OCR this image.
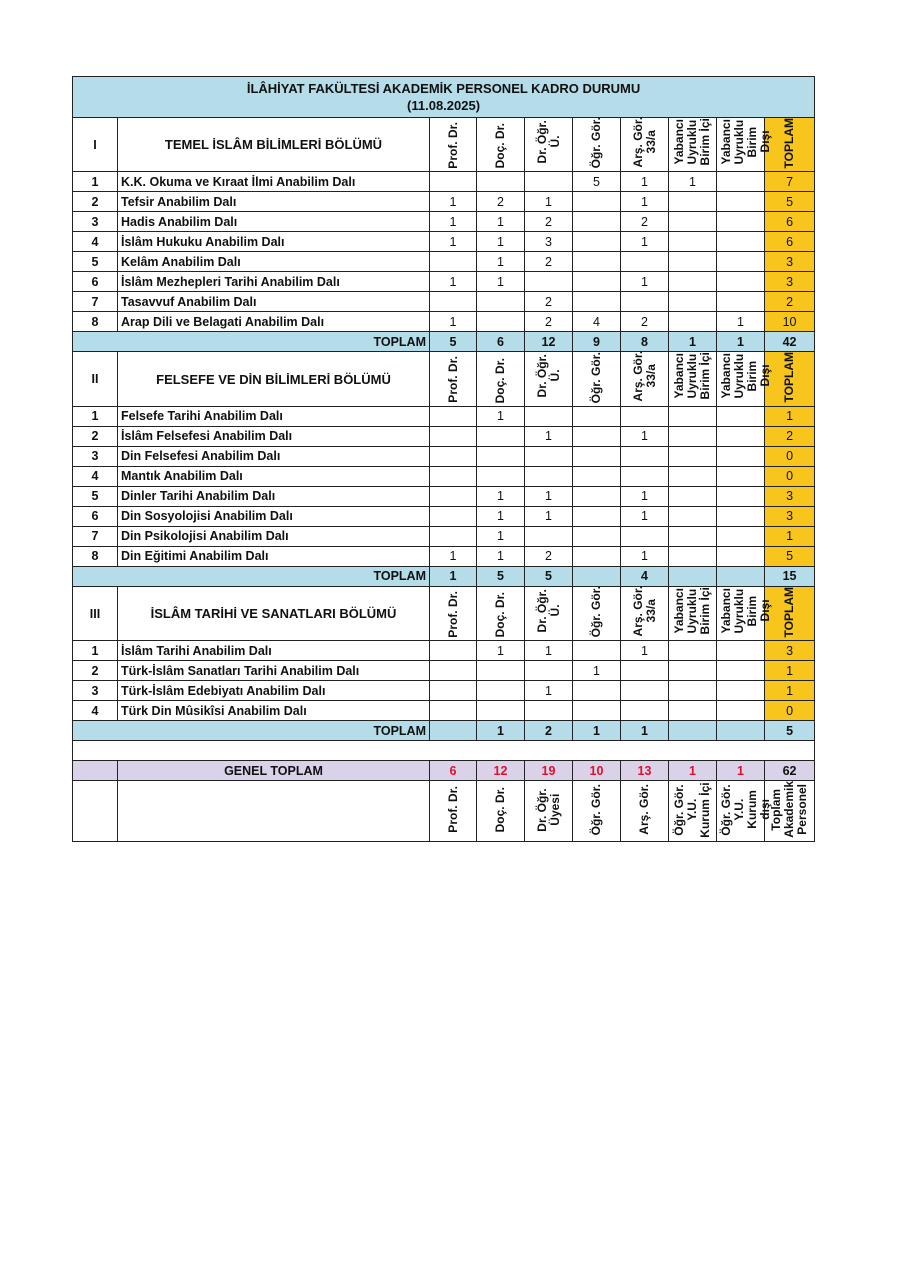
İLÂHİYAT FAKÜLTESİ AKADEMİK PERSONEL KADRO DURUMU
(11.08.2025)									
I	TEMEL İSLÂM BİLİMLERİ BÖLÜMÜ	Prof. Dr.	Doç. Dr.	Dr. Öğr. Ü.	Öğr. Gör.	Arş. Gör. 33/a	Yabancı Uyruklu Birim İçi	Yabancı Uyruklu Birim Dışı	TOPLAM
1	K.K. Okuma ve Kıraat İlmi Anabilim Dalı				5	1	1		7
2	Tefsir Anabilim Dalı	1	2	1		1			5
3	Hadis Anabilim Dalı	1	1	2		2			6
4	İslâm Hukuku Anabilim Dalı	1	1	3		1			6
5	Kelâm Anabilim Dalı		1	2					3
6	İslâm Mezhepleri Tarihi Anabilim Dalı	1	1			1			3
7	Tasavvuf Anabilim Dalı			2					2
8	Arap Dili ve Belagati Anabilim Dalı	1		2	4	2		1	10
TOPLAM		5	6	12	9	8	1	1	42
II	FELSEFE VE DİN BİLİMLERİ BÖLÜMÜ	Prof. Dr.	Doç. Dr.	Dr. Öğr. Ü.	Öğr. Gör.	Arş. Gör. 33/a	Yabancı Uyruklu Birim İçi	Yabancı Uyruklu Birim Dışı	TOPLAM
1	Felsefe Tarihi Anabilim Dalı		1						1
2	İslâm Felsefesi Anabilim Dalı			1		1			2
3	Din Felsefesi Anabilim Dalı								0
4	Mantık Anabilim Dalı								0
5	Dinler Tarihi Anabilim Dalı		1	1		1			3
6	Din Sosyolojisi Anabilim Dalı		1	1		1			3
7	Din Psikolojisi Anabilim Dalı		1						1
8	Din Eğitimi Anabilim Dalı	1	1	2		1			5
TOPLAM		1	5	5		4			15
III	İSLÂM TARİHİ VE SANATLARI BÖLÜMÜ	Prof. Dr.	Doç. Dr.	Dr. Öğr. Ü.	Öğr. Gör.	Arş. Gör. 33/a	Yabancı Uyruklu Birim İçi	Yabancı Uyruklu Birim Dışı	TOPLAM
1	İslâm Tarihi Anabilim Dalı		1	1		1			3
2	Türk-İslâm Sanatları Tarihi Anabilim Dalı				1				1
3	Türk-İslâm Edebiyatı Anabilim Dalı			1					1
4	Türk Din Mûsikîsi Anabilim Dalı								0
TOPLAM			1	2	1	1			5

	GENEL TOPLAM	6	12	19	10	13	1	1	62
		Prof. Dr.	Doç. Dr.	Dr. Öğr. Üyesi	Öğr. Gör.	Arş. Gör.	Öğr. Gör. Y.U. Kurum İçi	Öğr. Gör. Y.U. Kurum dışı	Toplam Akademik Personel
